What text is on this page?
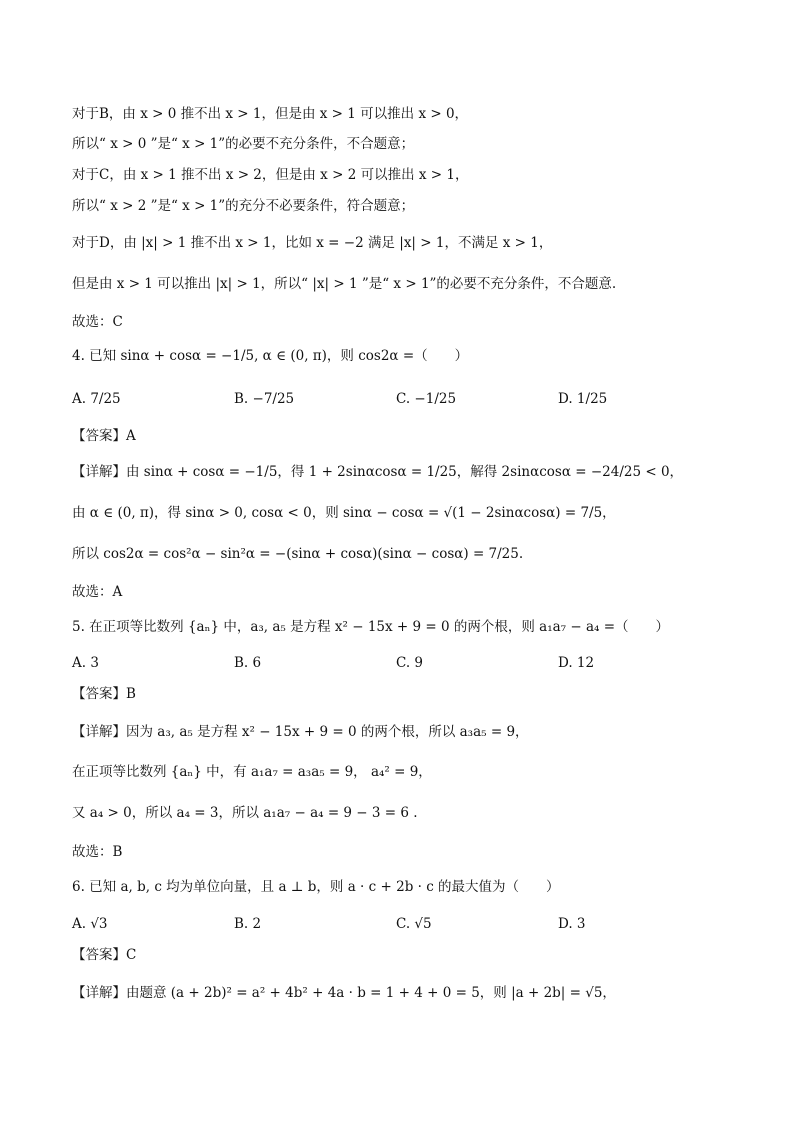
对于B，由 x > 0 推不出 x > 1，但是由 x > 1 可以推出 x > 0，
所以“ x > 0 ”是“ x > 1”的必要不充分条件，不合题意；
对于C，由 x > 1 推不出 x > 2，但是由 x > 2 可以推出 x > 1，
所以“ x > 2 ”是“ x > 1”的充分不必要条件，符合题意；
对于D，由 |x| > 1 推不出 x > 1，比如 x = −2 满足 |x| > 1，不满足 x > 1，
但是由 x > 1 可以推出 |x| > 1，所以“ |x| > 1 ”是“ x > 1”的必要不充分条件，不合题意.
故选：C
4. 已知 sinα + cosα = −1/5, α ∈ (0, π)，则 cos2α =（　　）
A. 7/25	B. −7/25	C. −1/25	D. 1/25
【答案】A
【详解】由 sinα + cosα = −1/5，得 1 + 2sinαcosα = 1/25，解得 2sinαcosα = −24/25 < 0，
由 α ∈ (0, π)，得 sinα > 0, cosα < 0，则 sinα − cosα = √(1 − 2sinαcosα) = 7/5，
所以 cos2α = cos²α − sin²α = −(sinα + cosα)(sinα − cosα) = 7/25.
故选：A
5. 在正项等比数列 {aₙ} 中，a₃, a₅ 是方程 x² − 15x + 9 = 0 的两个根，则 a₁a₇ − a₄ =（　　）
A. 3	B. 6	C. 9	D. 12
【答案】B
【详解】因为 a₃, a₅ 是方程 x² − 15x + 9 = 0 的两个根，所以 a₃a₅ = 9，
在正项等比数列 {aₙ} 中，有 a₁a₇ = a₃a₅ = 9， a₄² = 9，
又 a₄ > 0，所以 a₄ = 3，所以 a₁a₇ − a₄ = 9 − 3 = 6 .
故选：B
6. 已知 a, b, c 均为单位向量，且 a ⊥ b，则 a · c + 2b · c 的最大值为（　　）
A. √3	B. 2	C. √5	D. 3
【答案】C
【详解】由题意 (a + 2b)² = a² + 4b² + 4a · b = 1 + 4 + 0 = 5，则 |a + 2b| = √5，
